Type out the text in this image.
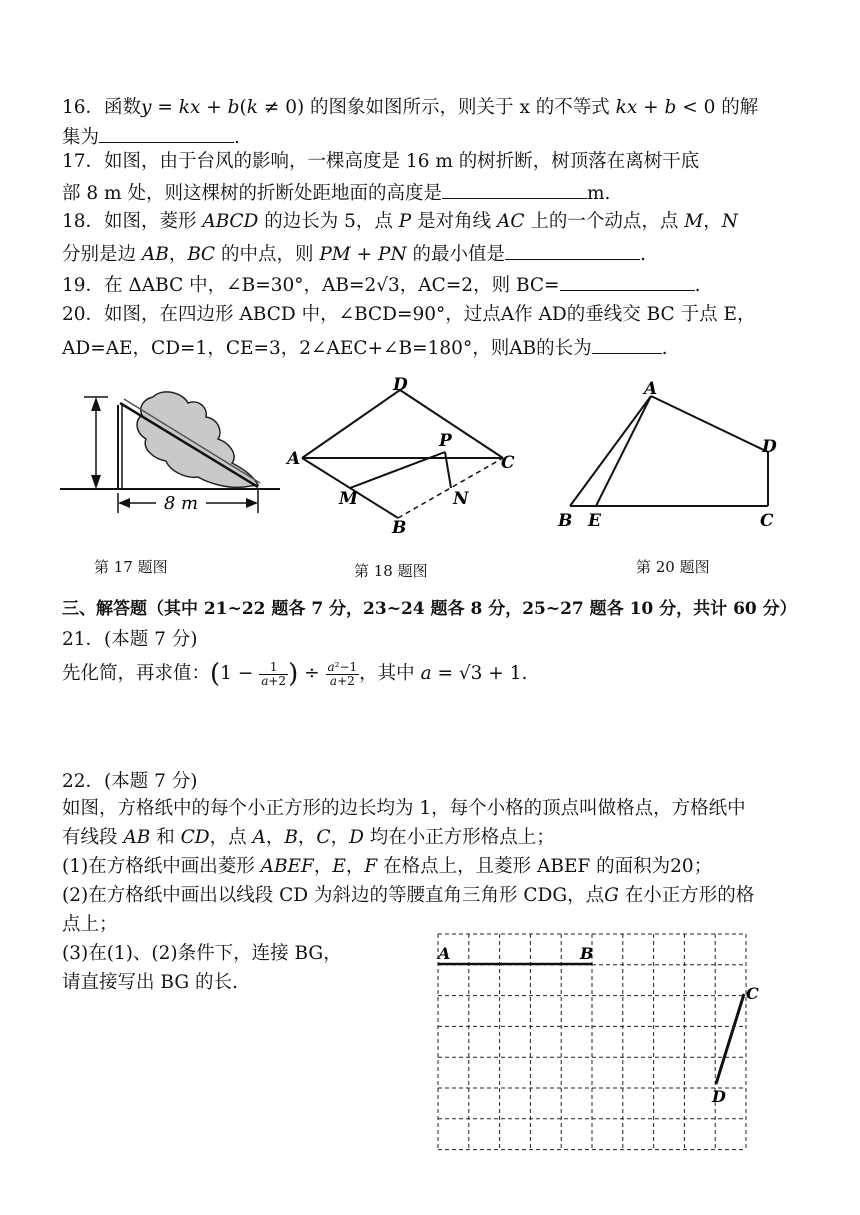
16．函数𝑦 = 𝑘𝑥 + 𝑏(𝑘 ≠ 0) 的图象如图所示，则关于 x 的不等式 𝑘𝑥 + 𝑏 < 0 的解
集为	.
17．如图，由于台风的影响，一棵高度是 16 m 的树折断，树顶落在离树干底
部 8 m 处，则这棵树的折断处距地面的高度是	m.
18．如图，菱形 𝐴𝐵𝐶𝐷 的边长为 5，点 𝑃 是对角线 𝐴𝐶 上的一个动点，点 𝑀，𝑁
分别是边 𝐴𝐵，𝐵𝐶 的中点，则 𝑃𝑀 + 𝑃𝑁 的最小值是	.
19．在 ΔABC 中，∠B=30°，AB=2√3，AC=2，则 BC=	.
20．如图，在四边形 ABCD 中，∠BCD=90°，过点A作 AD的垂线交 BC 于点 E，
AD=AE，CD=1，CE=3，2∠AEC+∠B=180°，则AB的长为	.
8 m
第 17 题图
A
D
C
P
M	N
B
第 18 题图
A
D
B E	C
第 20 题图
三、解答题（其中 21~22 题各 7 分，23~24 题各 8 分，25~27 题各 10 分，共计 60 分）
21．(本题 7 分)
先化简，再求值：($1 - \frac{1}{\text{𝑎+2}}$ ) ÷ $\frac{\text{𝑎²−1}}{\text{𝑎+2}}$ ，其中 𝑎 = √3 + 1.
22．(本题 7 分)
如图，方格纸中的每个小正方形的边长均为 1，每个小格的顶点叫做格点，方格纸中
有线段 𝐴𝐵 和 𝐶𝐷，点 𝐴，𝐵，𝐶，𝐷 均在小正方形格点上；
(1)在方格纸中画出菱形 𝐴𝐵𝐸𝐹，𝐸，𝐹 在格点上，且菱形 ABEF 的面积为20；
(2)在方格纸中画出以线段 CD 为斜边的等腰直角三角形 CDG，点𝐺 在小正方形的格
点上；
(3)在(1)、(2)条件下，连接 BG，
请直接写出 BG 的长.
A	B
C
D
